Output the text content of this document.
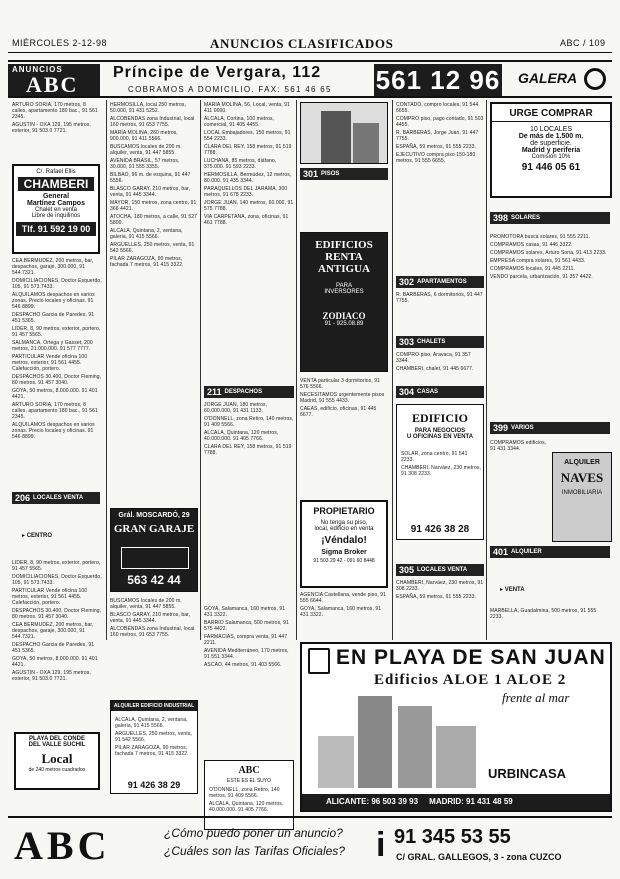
MIÉRCOLES 2-12-98	ANUNCIOS CLASIFICADOS	ABC / 109
ANUNCIOS
ABC Príncipe de Vergara, 112
COBRAMOS A DOMICILIO. FAX: 561 46 65 561 12 96 GALERA

ARTURO SORIA, 170 metros, 8 calles, apartamento 180 bac., 91 561 2345.

AGUSTIN - OXA 129, 195 metros, exterior, 91 503.0 7721.

C/. Rafael Ellis
CHAMBERI
General
Martínez Campos
Chalet en venta
Libre de inquilinos
Tlf. 91 592 19 00

CEA BERMUDEZ, 200 metros, bar, despachos, garaje, 300.000, 91 544.7321.

DOMICILIACIONES, Doctor Esquerdo, 105, 91 573.7433.

ALQUILAMOS despachos en varios zonas. Precio locales y oficinas. 91 546 8899.

DESPACHO Garcia de Paredes, 91 451 5365.

LIDER, 8, 90 metros, exterior, portero, 91 457 5565.

SALMANCA, Ortega y Gasset, 200 metros, 21.000.000. 91 577 7777.

PARTICULAR Vende oficina 100 metros, exterior, 91 561 4455. Calefacción, portero.

DESPACHOS 30.400, Doctor Fleming, 80 metros. 91 457 3040.

GOYA, 50 metros, 8.000.000. 91 401 4421.

ARTURO SORIA, 170 metros, 8 calles, apartamento 180 bac., 91 561 2345.

ALQUILAMOS despachos en varios zonas. Precio locales y oficinas. 91 546 8899.

206 LOCALES VENTA
▸ CENTRO

LIDER, 8, 90 metros, exterior, portero, 91 457 5565.

DOMICILIACIONES, Doctor Esquerdo, 105, 91 573.7433.

PARTICULAR Vende oficina 100 metros, exterior, 91 561 4455. Calefacción, portero.

DESPACHOS 30.400, Doctor Fleming, 80 metros. 91 457 3040.

CEA BERMUDEZ, 200 metros, bar, despachos, garaje, 300.000, 91 544.7321.

DESPACHO Garcia de Paredes, 91 451 5365.

GOYA, 50 metros, 8.000.000. 91 401 4421.

AGUSTIN - OXA 129, 195 metros, exterior, 91 503.0 7721.

PLAYA DEL CONDE
DEL VALLE SUCHIL
Local
de 240 metros cuadrados

HERMOSILLA, local 250 metros, 50.000, 91 431 5252.

ALCOBENDAS zona Industrial, local 160 metros, 91 653 7755.

MARÍA MOLINA, 260 metros, 900.000, 91 411 5566.

BUSCAMOS locales de 200 m. alquiler, venta, 91 447 5855.

AVENIDA BRASIL, 57 metros, 30.000, 91 555 3355.

BILBAO, 96 m. de esquina, 91 447 5556.

BLASCO GARAY, 210 metros, bar, venta, 91 445 3344.

MAYOR, 150 metros, zona centro, 91 366 4421.

ATOCHA, 180 metros, a calle, 91 527 5800.

ALCALA, Quintana, 2, ventana, galeria, 91 415 5566.

ARGUELLES, 250 metros, venta, 91 542 5566.

PILAR ZARAGOZA, 90 metros, fachada 7 metros, 91 415 3322.

Grál. MOSCARDÓ, 29
GRAN GARAJE
563 42 44

BUSCAMOS locales de 200 m. alquiler, venta, 91 447 5855.

BLASCO GARAY, 210 metros, bar, venta, 91 445 3344.

ALCOBENDAS zona Industrial, local 160 metros, 91 653 7755.

ALQUILER EDIFICIO INDUSTRIAL

ALCALA, Quintana, 2, ventana, galeria, 91 415 5566.

ARGUELLES, 250 metros, venta, 91 542 5566.

PILAR ZARAGOZA, 90 metros, fachada 7 metros, 91 415 3322.

91 426 38 29

MARIA MOLINA, 56, Local, venta, 91 411 0000.

ALCALA, Cortina, 100 metros, comercial, 91 405 4455.

LOCAL Embajadores, 150 metros, 91 554 2233.

CLARA DEL REY, 158 metros, 91 519 7788.

LUCHANA, 85 metros, diáfano, 375.000. 91 593 2233.

HERMOSILLA, Bermúdez, 12 metros, 80.000. 91 435 3344.

PARAQUELLOS DEL JARAMA, 300 metros, 91 678 2233.

JORGE JUAN, 140 metros, 60.000, 91 575 7788.

VIA CARPETANA, zona, oficinas, 91 461 7788.

211 DESPACHOS

JORGE JUAN, 180 metros, 60.000.000, 91 431 1133.

O'DONNELL, zona Retiro, 140 metros, 91 409 5566.

ALCALA, Quintana, 120 metros, 40.000.000. 91 405 7766.

CLARA DEL REY, 158 metros, 91 519 7788.

301 PISOS
EDIFICIOS
RENTA
ANTIGUA
PARA
INVERSORES
ZODIACO
91 - 925.08.89

VENTA particular 3 dormitorios, 91 576 5566.

NECESITAMOS urgentemente pisos Madrid, 91 555 4433.

CAEAS, edificio, oficinas, 91 445 6677.

PROPIETARIO
No tenga su piso,
local, edificio en venta
¡Véndalo!
Sigma Broker
91 503 29 42 - 091 60 8448

AGENCIA Castellana, vende piso, 91 555 6644.

GOYA, Salamanca, 160 metros, 91 431 3322.

GOYA, Salamanca, 160 metros, 91 431 3322.

BARRIO Salamanca, 500 metros, 91 575 4422.

FARMACIAS, compra venta, 91 447 2211.

AVENIDA Mediterráneo, 170 metros, 91 551 3344.

ASCAO, 44 metros, 91 403 5566.

ABC
ESTE ES EL SUYO

O'DONNELL, zona Retiro, 140 metros, 91 409 5566.

ALCALA, Quintana, 120 metros, 40.000.000. 91 405 7766.

CONTADO, compro locales, 91 544 6655.

COMPRO piso, pago contado, 91 503 4455.

R. BARBERAS, Jorge Juan, 91 447 7755.

ESPAÑA, 59 metros, 91 555 2233.

EJECUTIVO compra piso 150-180 metros, 91 555 6655.

302 APARTAMENTOS

R. BARBERAS, 6 dormitorios, 91 447 7755.

303 CHALETS

COMPRO piso, Aravaca, 91 357 3344.

CHAMBERI, chalet, 91 445 6677.

304 CASAS
EDIFICIO
PARA NEGOCIOS
U OFICINAS EN VENTA

SOLAR, zona centro, 91 541 2233.

CHAMBERI, Narváez, 230 metros, 91 308 2233.

91 426 38 28
305 LOCALES VENTA

CHAMBERI, Narváez, 230 metros, 91 308 2233.

ESPAÑA, 59 metros, 91 555 2233.

URGE COMPRAR
10 LOCALES
De más de 1.500 m.
de superficie.
Madrid y periferia
Comisión 10%
91 446 05 61
398 SOLARES

PROMOTORA busca solares, 91 555 2211.

COMPRAMOS casas, 91 446 3322.

COMPRAMOS solares, Arturo Soria, 91 413 2233.

EMPRESA compra solares, 91 561 4433.

COMPRAMOS locales, 91 445 2211.

VENDO parcela, urbanización, 91 357 4422.

399 VARIOS

COMPRAMOS edificios, 91 431 3344.

ALQUILER
NAVES
INMOBILIARIA
401 ALQUILER
▸ VENTA

MARBELLA, Guadalmina, 500 metros, 91 555 2233.

EN PLAYA DE SAN JUAN
Edificios ALOE 1 ALOE 2
frente al mar
URBINCASA
ALICANTE: 96 503 39 93     MADRID: 91 431 48 59
ABC	¿Cómo puedo poner un anuncio?
¿Cuáles son las Tarifas Oficiales? i 91 345 53 55
C/ GRAL. GALLEGOS, 3 - zona CUZCO
